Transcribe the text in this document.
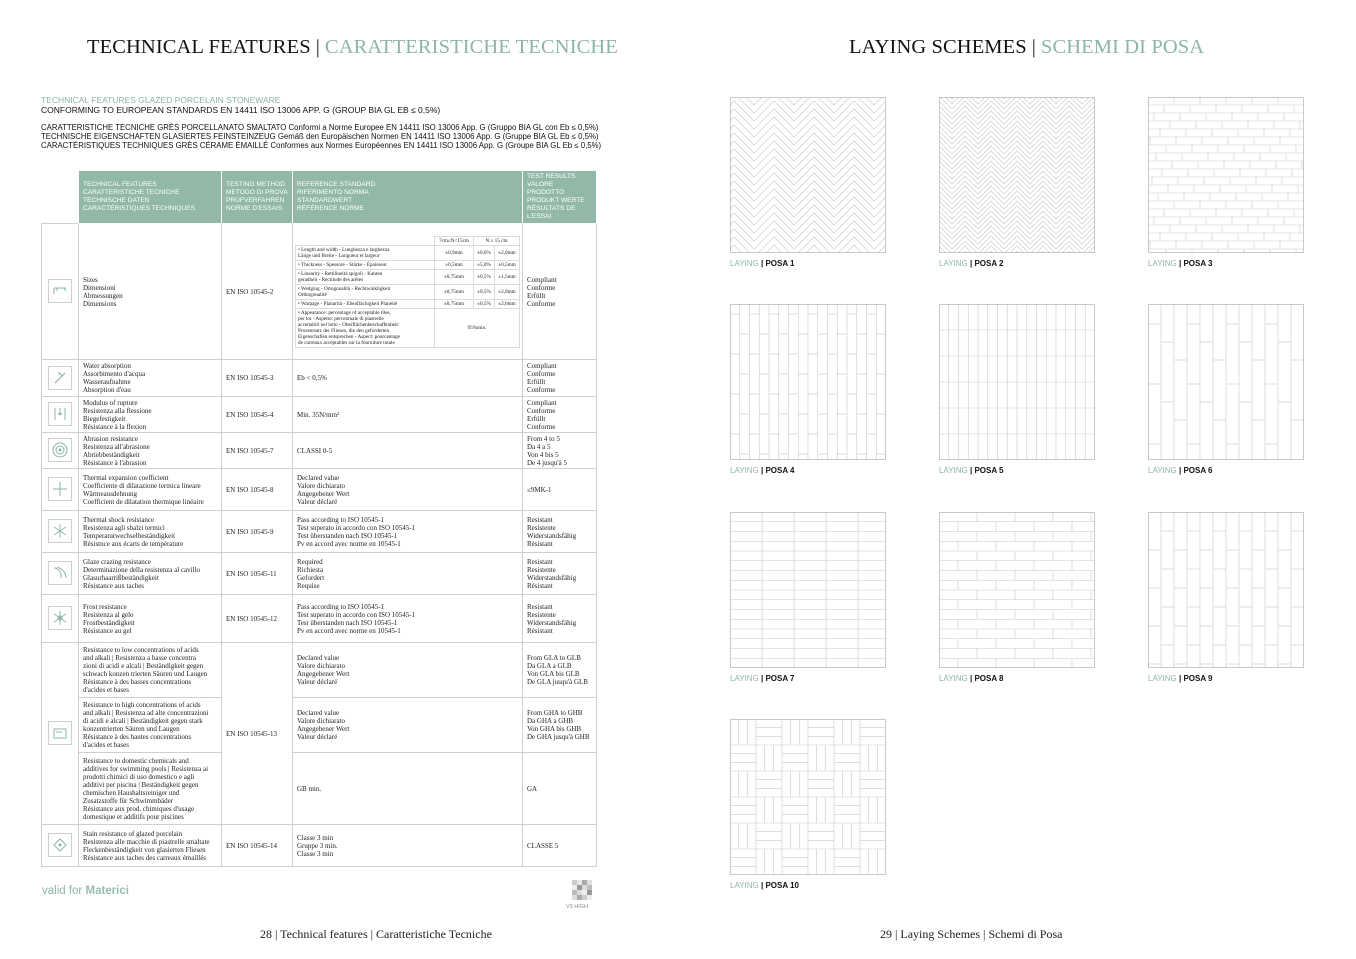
TECHNICAL FEATURES | CARATTERISTICHE TECNICHE
TECHNICAL FEATURES GLAZED PORCELAIN STONEWARE
CONFORMING TO EUROPEAN STANDARDS EN 14411 ISO 13006 APP. G (GROUP BIA GL EB ≤ 0,5%)
CARATTERISTICHE TECNICHE GRÈS PORCELLANATO SMALTATO Conformi a Norme Europee EN 14411 ISO 13006 App. G (Gruppo BIA GL con Eb ≤ 0,5%)
TECHNISCHE EIGENSCHAFTEN GLASIERTES FEINSTEINZEUG Gemäß den Europäischen Normen EN 14411 ISO 13006 App. G (Gruppe BIA GL Eb ≤ 0,5%)
CARACTÉRISTIQUES TECHNIQUES GRÈS CÉRAME ÉMAILLÉ Conformes aux Normes Européennes EN 14411 ISO 13006 App. G (Groupe BIA GL Eb ≤ 0,5%)
	TECHNICAL FEATURES
CARATTERISTICHE TECNICHE
TECHNISCHE DATEN
CARACTÉRISTIQUES TECHNIQUES	TESTING METHOD
METODO DI PROVA
PRÜFVERFAHREN
NORME D'ESSAIS	REFERENCE STANDARD
RIFERIMENTO NORMA
STANDARDWERT
RÉFÉRENCE NORME	TEST RESULTS
VALORE PRODOTTO
PRODUKT WERTE
RÉSULTATS DE
L'ESSAI
	Sizes
Dimensioni
Abmessungen
Dimensions	EN ISO 10545-2	
	7cm≤N<15cm	N ≥ 15 cm
• Length and width - Lunghezza e larghezza
Länge und Breite - Longueur et largeur	±0,9mm	±0,6%	±2,0mm
• Thickness - Spessore - Stärke - Épaisseur	±0,5mm	±5,0%	±0,5mm
• Linearity - Rettilineità spigoli - Kanten
geradheit - Rectitude des arêtes	±0,75mm	±0,5%	±1,5mm
• Wedging - Ortogonalità - Rechtwinkligkeit
Orthogonalité	±0,75mm	±0,5%	±2,0mm
• Warpage - Planarità - Ebenflächigkeit Planéité	±0,75mm	±0,5%	±2,0mm
• Appearance: percentage of acceptable tiles,
per lot - Aspetto: percentuale di piastrelle
accettabili nel lotto - Oberflächenbeschaffenheit:
Prozentsatz der Fliesen, die den geforderten
Eigenschaften entsprechen - Aspect: pourcentage
de carreaux acceptables sur la fourniture totale	95%min.
	Compliant
Conforme
Erfüllt
Conforme
	Water absorption
Assorbimento d'acqua
Wasseraufnahme
Absorption d'eau	EN ISO 10545-3	Eb < 0,5%	Compliant
Conforme
Erfüllt
Conforme
	Modulus of rupture
Resistenza alla flessione
Biegefestigkeit
Résistance à la flexion	EN ISO 10545-4	Min. 35N/mm²	Compliant
Conforme
Erfüllt
Conforme
	Abrasion resistance
Resistenza all'abrasione
Abriebbeständigkeit
Résistance à l'abrasion	EN ISO 10545-7	CLASSI 0-5	From 4 to 5
Da 4 a 5
Von 4 bis 5
De 4 jusqu'à 5
	Thermal expansion coefficient
Coefficiente di dilatazione termica lineare
Wärmeausdehnung
Coefficient de dilatation thermique linéaire	EN ISO 10545-8	Declared value
Valore dichiarato
Angegebener Wert
Valeur déclaré	≤9MK-1
	Thermal shock resistance
Resistenza agli sbalzi termici
Temperaturwechselbeständigkeit
Résistnce aux écarts de température	EN ISO 10545-9	Pass according to ISO 10545-1
Test superato in accordo con ISO 10545-1
Test überstanden nach ISO 10545-1
Pv en accord avec norme en 10545-1	Resistant
Resistente
Widerstandsfähig
Résistant
	Glaze crazing resistance
Determinazione della resistenza al cavillo
Glasurhaarrißbeständigkeit
Résistance aux taches	EN ISO 10545-11	Required
Richiesta
Gefordert
Requise	Resistant
Resistente
Widerstandsfähig
Résistant
	Frost resistance
Resistenza al gelo
Frostbeständigkeit
Résistance au gel	EN ISO 10545-12	Pass according to ISO 10545-1
Test superato in accordo con ISO 10545-1
Test überstanden nach ISO 10545-1
Pv en accord avec norme en 10545-1	Resistant
Resistente
Widerstandsfähig
Résistant
	Resistance to low concentrations of acids
and alkali | Resistenza a basse concentra
zioni di acidi e alcali | Beständigkeit gegen
schwach konzen trierten Säuren und Laugen
Résistance à des basses concentrations
d'acides et bases	EN ISO 10545-13	Declared value
Valore dichiarato
Angegebener Wert
Valeur déclaré	From GLA to GLB
Da GLA a GLB
Von GLA bis GLB
De GLA jusqu'à GLB
Resistance to high concentrations of acids
and alkali | Resistenza ad alte concentrazioni
di acidi e alcali | Beständigkeit gegen stark
konzentrierten Säuren und Laugen
Résistance à des hautes concentrations
d'acides et bases	Declared value
Valore dichiarato
Angegebener Wert
Valeur déclaré	From GHA to GHB
Da GHA a GHB
Von GHA bis GHB
De GHA jusqu'à GHB
Resistance to domestic chemicals and
additives for swimming pools | Resistenza ai
prodotti chimici di uso domestico e agli
additivi per piscina | Beständigkeit gegen
chemischen Haushaltsreiniger und
Zusatzstoffe für Schwimmbäder
Résistance aux prod. chimiques d'usage
domestique et additifs pour piscines	GB min.	GA
	Stain resistance of glazed porcelain
Resistenza alle macchie di piastrelle smaltate
Fleckenbeständigkeit von glasierten Fliesen
Résistance aux taches des carreaux émaillés	EN ISO 10545-14	Classe 3 min
Gruppe 3 min.
Classe 3 min	CLASSE 5
valid for Materici
V3 HIGH
28 | Technical features | Caratteristiche Tecniche
LAYING SCHEMES | SCHEMI DI POSA
LAYING | POSA 1	LAYING | POSA 2	LAYING | POSA 3
LAYING | POSA 4	LAYING | POSA 5	LAYING | POSA 6
LAYING | POSA 7	LAYING | POSA 8	LAYING | POSA 9
LAYING | POSA 10
29 | Laying Schemes | Schemi di Posa
